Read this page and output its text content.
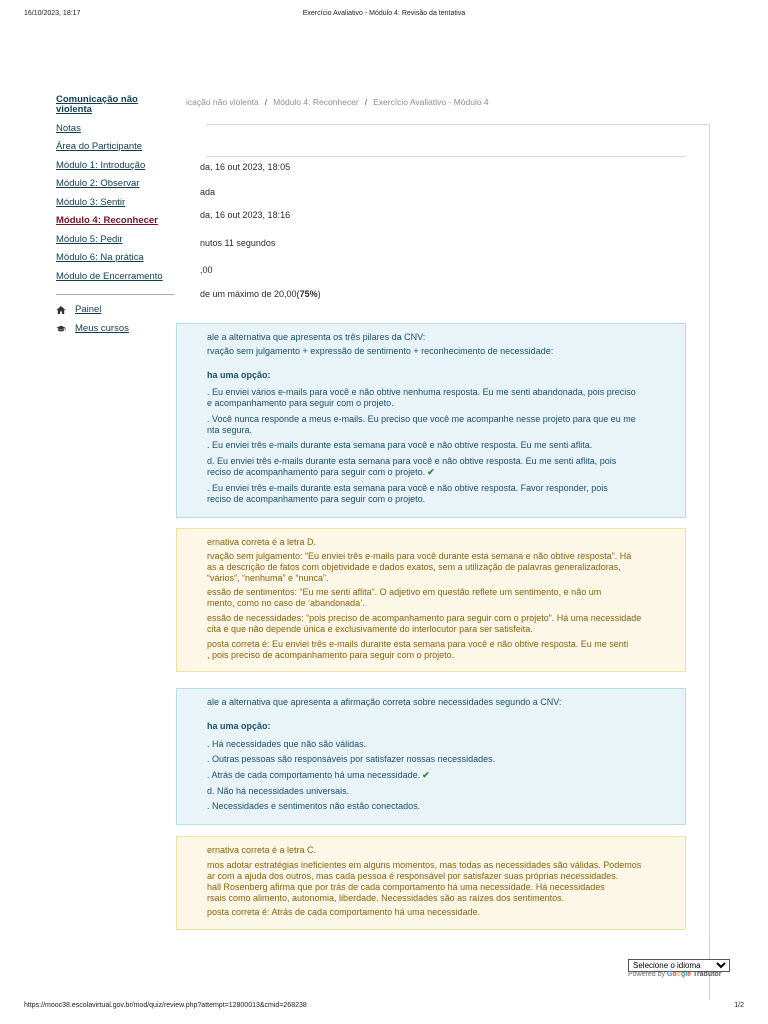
16/10/2023, 18:17	Exercício Avaliativo - Módulo 4: Revisão da tentativa
Comunicação não violenta
Notas
Área do Participante
Módulo 1: Introdução
Módulo 2: Observar
Módulo 3: Sentir
Módulo 4: Reconhecer
Módulo 5: Pedir
Módulo 6: Na prática
Módulo de Encerramento
Painel
Meus cursos
icação não violenta / Módulo 4: Reconhecer / Exercício Avaliativo - Módulo 4
da, 16 out 2023, 18:05
ada
da, 16 out 2023, 18:16
nutos 11 segundos
,00
de um máximo de 20,00(75%)
ale a alternativa que apresenta os três pilares da CNV:
rvação sem julgamento + expressão de sentimento + reconhecimento de necessidade:
ha uma opção:
. Eu enviei vários e-mails para você e não obtive nenhuma resposta. Eu me senti abandonada, pois preciso
e acompanhamento para seguir com o projeto.
. Você nunca responde a meus e-mails. Eu preciso que você me acompanhe nesse projeto para que eu me
nta segura.
. Eu enviei três e-mails durante esta semana para você e não obtive resposta. Eu me senti aflita.
d. Eu enviei três e-mails durante esta semana para você e não obtive resposta. Eu me senti aflita, pois
reciso de acompanhamento para seguir com o projeto. ✔
. Eu enviei três e-mails durante esta semana para você e não obtive resposta. Favor responder, pois
reciso de acompanhamento para seguir com o projeto.
ernativa correta é a letra D.
rvação sem julgamento: “Eu enviei três e-mails para você durante esta semana e não obtive resposta”. Há
as a descrição de fatos com objetividade e dados exatos, sem a utilização de palavras generalizadoras,
“vários”, “nenhuma” e “nunca”.
essão de sentimentos: “Eu me senti aflita”. O adjetivo em questão reflete um sentimento, e não um
mento, como no caso de ‘abandonada’.
essão de necessidades: “pois preciso de acompanhamento para seguir com o projeto”. Há uma necessidade
cita e que não depende única e exclusivamente do interlocutor para ser satisfeita.
posta correta é: Eu enviei três e-mails durante esta semana para você e não obtive resposta. Eu me senti
, pois preciso de acompanhamento para seguir com o projeto.
ale a alternativa que apresenta a afirmação correta sobre necessidades segundo a CNV:
ha uma opção:
. Há necessidades que não são válidas.
. Outras pessoas são responsáveis por satisfazer nossas necessidades.
. Atrás de cada comportamento há uma necessidade. ✔
d. Não há necessidades universais.
. Necessidades e sentimentos não estão conectados.
ernativa correta é a letra C.
mos adotar estratégias ineficientes em alguns momentos, mas todas as necessidades são válidas. Podemos
ar com a ajuda dos outros, mas cada pessoa é responsável por satisfazer suas próprias necessidades.
hall Rosenberg afirma que por trás de cada comportamento há uma necessidade. Há necessidades
rsais como alimento, autonomia, liberdade. Necessidades são as raízes dos sentimentos.
posta correta é: Atrás de cada comportamento há uma necessidade.
Selecione o idioma
Powered by Google Tradutor
https://mooc38.escolavirtual.gov.br/mod/quiz/review.php?attempt=12800013&cmid=268238	1/2
